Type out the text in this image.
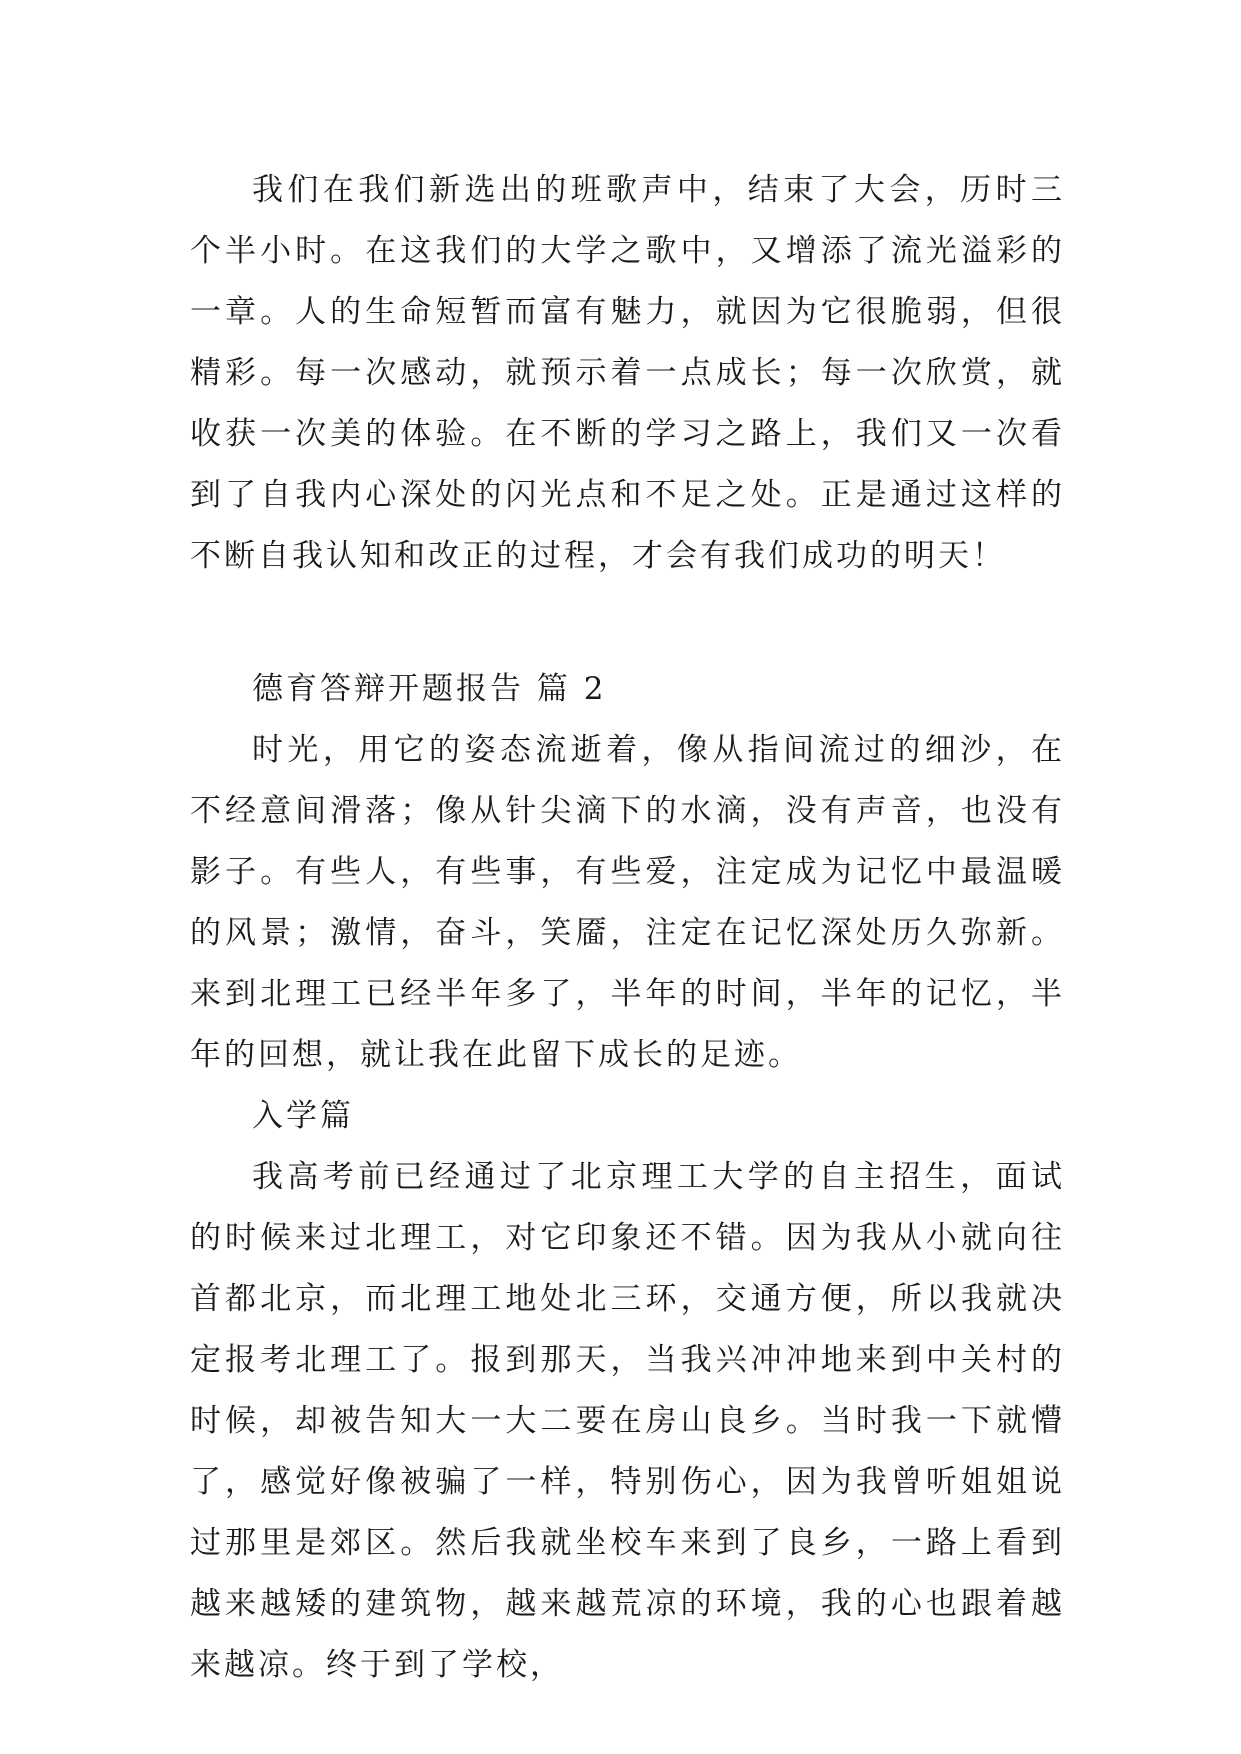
我们在我们新选出的班歌声中，结束了大会，历时三个半小时。在这我们的大学之歌中，又增添了流光溢彩的一章。人的生命短暂而富有魅力，就因为它很脆弱，但很精彩。每一次感动，就预示着一点成长；每一次欣赏，就收获一次美的体验。在不断的学习之路上，我们又一次看到了自我内心深处的闪光点和不足之处。正是通过这样的不断自我认知和改正的过程，才会有我们成功的明天！

德育答辩开题报告 篇 2

时光，用它的姿态流逝着，像从指间流过的细沙，在不经意间滑落；像从针尖滴下的水滴，没有声音，也没有影子。有些人，有些事，有些爱，注定成为记忆中最温暖的风景；激情，奋斗，笑靥，注定在记忆深处历久弥新。来到北理工已经半年多了，半年的时间，半年的记忆，半年的回想，就让我在此留下成长的足迹。

入学篇

我高考前已经通过了北京理工大学的自主招生，面试的时候来过北理工，对它印象还不错。因为我从小就向往首都北京，而北理工地处北三环，交通方便，所以我就决定报考北理工了。报到那天，当我兴冲冲地来到中关村的时候，却被告知大一大二要在房山良乡。当时我一下就懵了，感觉好像被骗了一样，特别伤心，因为我曾听姐姐说过那里是郊区。然后我就坐校车来到了良乡，一路上看到越来越矮的建筑物，越来越荒凉的环境，我的心也跟着越来越凉。终于到了学校，
